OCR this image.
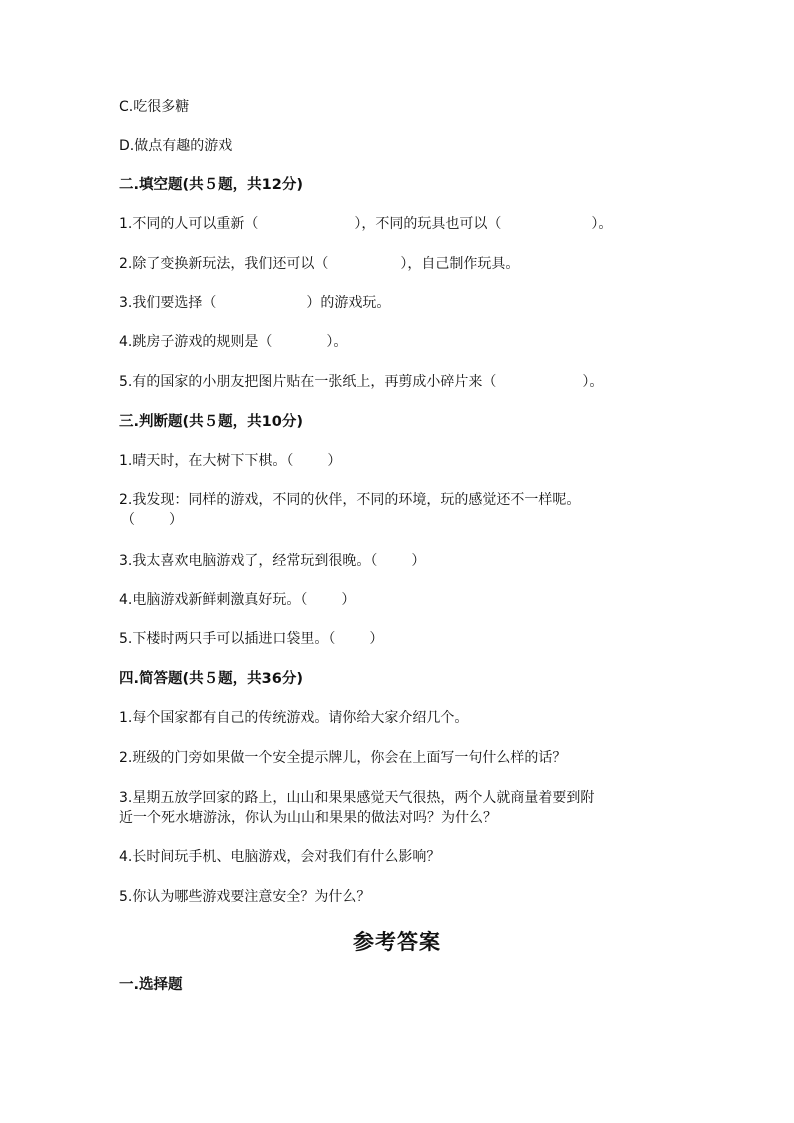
C.吃很多糖
D.做点有趣的游戏
二.填空题(共５题，共12分)
1.不同的人可以重新（	），不同的玩具也可以（	）。
2.除了变换新玩法，我们还可以（	），自己制作玩具。
3.我们要选择（	）的游戏玩。
4.跳房子游戏的规则是（	）。
5.有的国家的小朋友把图片贴在一张纸上，再剪成小碎片来（	）。
三.判断题(共５题，共10分)
1.晴天时，在大树下下棋。（ ）
2.我发现：同样的游戏，不同的伙伴，不同的环境，玩的感觉还不一样呢。
（ ）
3.我太喜欢电脑游戏了，经常玩到很晚。（ ）
4.电脑游戏新鲜刺激真好玩。（ ）
5.下楼时两只手可以插进口袋里。（ ）
四.简答题(共５题，共36分)
1.每个国家都有自己的传统游戏。请你给大家介绍几个。
2.班级的门旁如果做一个安全提示牌儿，你会在上面写一句什么样的话？
3.星期五放学回家的路上，山山和果果感觉天气很热，两个人就商量着要到附
近一个死水塘游泳，你认为山山和果果的做法对吗？为什么？
4.长时间玩手机、电脑游戏，会对我们有什么影响？
5.你认为哪些游戏要注意安全？为什么？
参考答案
一.选择题
